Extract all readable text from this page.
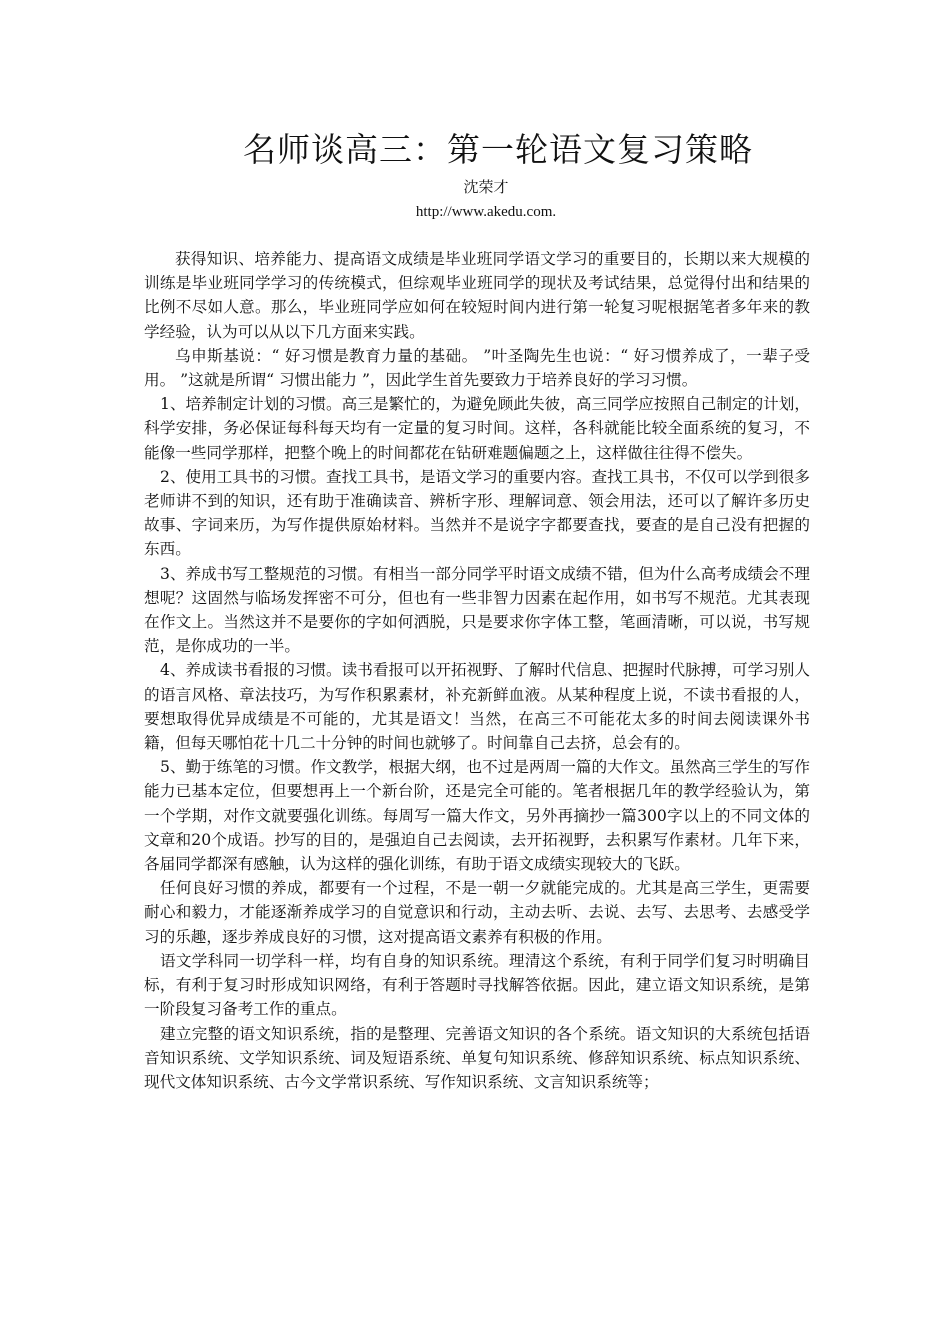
名师谈高三：第一轮语文复习策略
沈荣才
http://www.akedu.com.

获得知识、培养能力、提高语文成绩是毕业班同学语文学习的重要目的，长期以来大规模的训练是毕业班同学学习的传统模式，但综观毕业班同学的现状及考试结果，总觉得付出和结果的比例不尽如人意。那么，毕业班同学应如何在较短时间内进行第一轮复习呢根据笔者多年来的教学经验，认为可以从以下几方面来实践。

乌申斯基说：“ 好习惯是教育力量的基础。 ”叶圣陶先生也说：“ 好习惯养成了，一辈子受用。 ”这就是所谓“ 习惯出能力 ”，因此学生首先要致力于培养良好的学习习惯。

1、培养制定计划的习惯。高三是繁忙的，为避免顾此失彼，高三同学应按照自己制定的计划，科学安排，务必保证每科每天均有一定量的复习时间。这样，各科就能比较全面系统的复习，不能像一些同学那样，把整个晚上的时间都花在钻研难题偏题之上，这样做往往得不偿失。

2、使用工具书的习惯。查找工具书，是语文学习的重要内容。查找工具书，不仅可以学到很多老师讲不到的知识，还有助于准确读音、辨析字形、理解词意、领会用法，还可以了解许多历史故事、字词来历，为写作提供原始材料。当然并不是说字字都要查找，要查的是自己没有把握的东西。

3、养成书写工整规范的习惯。有相当一部分同学平时语文成绩不错，但为什么高考成绩会不理想呢？这固然与临场发挥密不可分，但也有一些非智力因素在起作用，如书写不规范。尤其表现在作文上。当然这并不是要你的字如何洒脱，只是要求你字体工整，笔画清晰，可以说，书写规范，是你成功的一半。

4、养成读书看报的习惯。读书看报可以开拓视野、了解时代信息、把握时代脉搏，可学习别人的语言风格、章法技巧，为写作积累素材，补充新鲜血液。从某种程度上说，不读书看报的人，要想取得优异成绩是不可能的，尤其是语文！当然，在高三不可能花太多的时间去阅读课外书籍，但每天哪怕花十几二十分钟的时间也就够了。时间靠自己去挤，总会有的。

5、勤于练笔的习惯。作文教学，根据大纲，也不过是两周一篇的大作文。虽然高三学生的写作能力已基本定位，但要想再上一个新台阶，还是完全可能的。笔者根据几年的教学经验认为，第一个学期，对作文就要强化训练。每周写一篇大作文，另外再摘抄一篇300字以上的不同文体的文章和20个成语。抄写的目的，是强迫自己去阅读，去开拓视野，去积累写作素材。几年下来，各届同学都深有感触，认为这样的强化训练，有助于语文成绩实现较大的飞跃。

任何良好习惯的养成，都要有一个过程，不是一朝一夕就能完成的。尤其是高三学生，更需要耐心和毅力，才能逐渐养成学习的自觉意识和行动，主动去听、去说、去写、去思考、去感受学习的乐趣，逐步养成良好的习惯，这对提高语文素养有积极的作用。

语文学科同一切学科一样，均有自身的知识系统。理清这个系统，有利于同学们复习时明确目标，有利于复习时形成知识网络，有利于答题时寻找解答依据。因此，建立语文知识系统，是第一阶段复习备考工作的重点。

建立完整的语文知识系统，指的是整理、完善语文知识的各个系统。语文知识的大系统包括语音知识系统、文学知识系统、词及短语系统、单复句知识系统、修辞知识系统、标点知识系统、现代文体知识系统、古今文学常识系统、写作知识系统、文言知识系统等；
